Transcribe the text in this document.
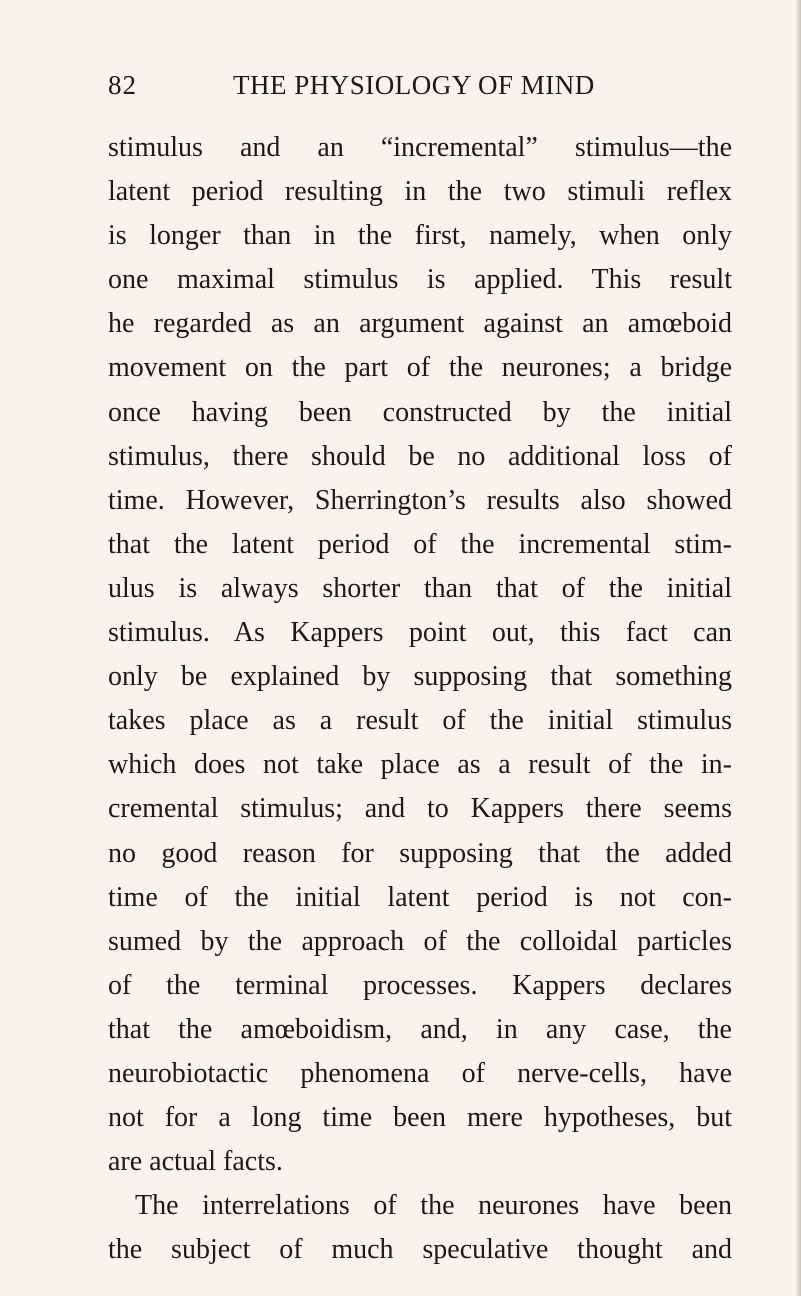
82	THE PHYSIOLOGY OF MIND
stimulus and an “incremental” stimulus—the
latent period resulting in the two stimuli reflex
is longer than in the first, namely, when only
one maximal stimulus is applied. This result
he regarded as an argument against an amœboid
movement on the part of the neurones; a bridge
once having been constructed by the initial
stimulus, there should be no additional loss of
time. However, Sherrington’s results also showed
that the latent period of the incremental stim-
ulus is always shorter than that of the initial
stimulus. As Kappers point out, this fact can
only be explained by supposing that something
takes place as a result of the initial stimulus
which does not take place as a result of the in-
cremental stimulus; and to Kappers there seems
no good reason for supposing that the added
time of the initial latent period is not con-
sumed by the approach of the colloidal particles
of the terminal processes. Kappers declares
that the amœboidism, and, in any case, the
neurobiotactic phenomena of nerve-cells, have
not for a long time been mere hypotheses, but
are actual facts.
The interrelations of the neurones have been
the subject of much speculative thought and
